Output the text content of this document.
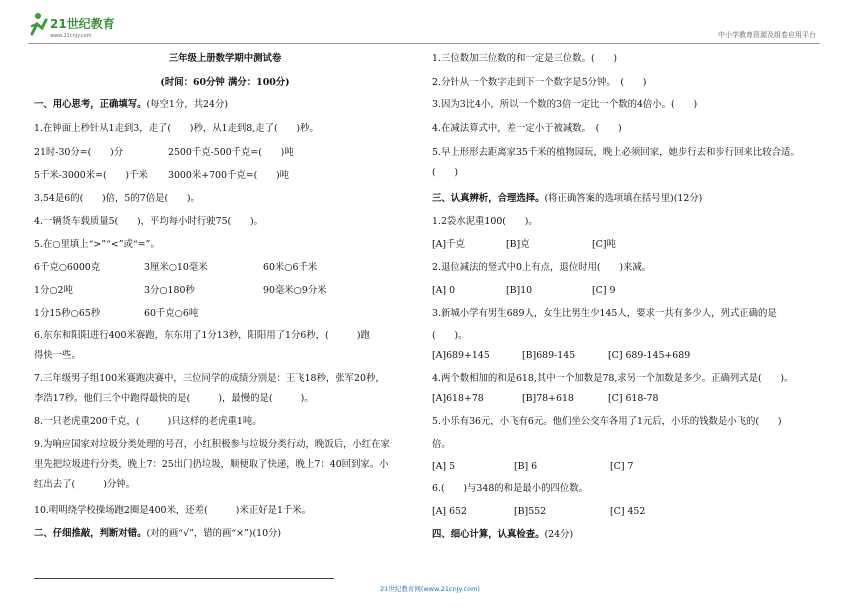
21世纪教育
www.21cnjy.com	中小学教育资源及组卷应用平台
三年级上册数学期中测试卷
(时间：60分钟 满分：100分)
一、用心思考，正确填写。(每空1分，共24分)
1.在钟面上秒针从1走到3，走了(　　)秒，从1走到8,走了(　　)秒。
21时-30分=(　　)分	2500千克-500千克=(　　)吨
5千米-3000米=(　　)千米 3000米+700千克=(　　)吨
3.54是6的(　　)倍，5的7倍是(　　)。
4.一辆货车载质量5(　　)，平均每小时行驶75(　　)。
5.在○里填上“>”“<”或“=”。
6千克○6000克	3厘米○10毫米	60米○6千米
1分○2吨	3分○180秒	90毫米○9分米
1分15秒○65秒	60千克○6吨
6.东东和阳阳进行400米赛跑，东东用了1分13秒，阳阳用了1分6秒，(　　　)跑
得快一些。
7.三年级男子组100米赛跑决赛中，三位同学的成绩分别是：王飞18秒，张军20秒，
李浩17秒。他们三个中跑得最快的是(　　　)，最慢的是(　　　)。
8.一只老虎重200千克，(　　　)只这样的老虎重1吨。
9.为响应国家对垃圾分类处理的号召，小红积极参与垃圾分类行动，晚饭后，小红在家
里先把垃圾进行分类，晚上7：25出门扔垃圾，顺便取了快递，晚上7：40回到家。小
红出去了(　　　)分钟。
10.明明绕学校操场跑2圈是400米，还差(　　　)米正好是1千米。
二、仔细推敲，判断对错。(对的画“√”，错的画“×”)(10分)
1.三位数加三位数的和一定是三位数。(　　)
2.分针从一个数字走到下一个数字是5分钟。　(　　)
3.因为3比4小，所以一个数的3倍一定比一个数的4倍小。(　　)
4.在减法算式中，差一定小于被减数。　(　　)
5.早上形形去距离家35千米的植物园玩，晚上必须回家，她步行去和步行回来比较合适。
(　　)
三、认真辨析，合理选择。(将正确答案的选项填在括号里)(12分)
1.2袋水泥重100(　　)。
[A]千克	[B]克	[C]吨
2.退位减法的竖式中0上有点，退位时用(　　)来减。
[A] 0	[B]10	[C] 9
3.新城小学有男生689人，女生比男生少145人，要求一共有多少人，列式正确的是
(　　)。
[A]689+145	[B]689-145	[C] 689-145+689
4.两个数相加的和是618,其中一个加数是78,求另一个加数是多少。正确列式是(　　)。
[A]618+78	[B]78+618	[C] 618-78
5.小乐有36元，小飞有6元。他们坐公交车各用了1元后，小乐的钱数是小飞的(　　)
倍。
[A] 5	[B] 6	[C] 7
6.(　　)与348的和是最小的四位数。
[A] 652	[B]552	[C] 452
四、细心计算，认真检查。(24分)
21世纪教育网(www.21cnjy.com)
